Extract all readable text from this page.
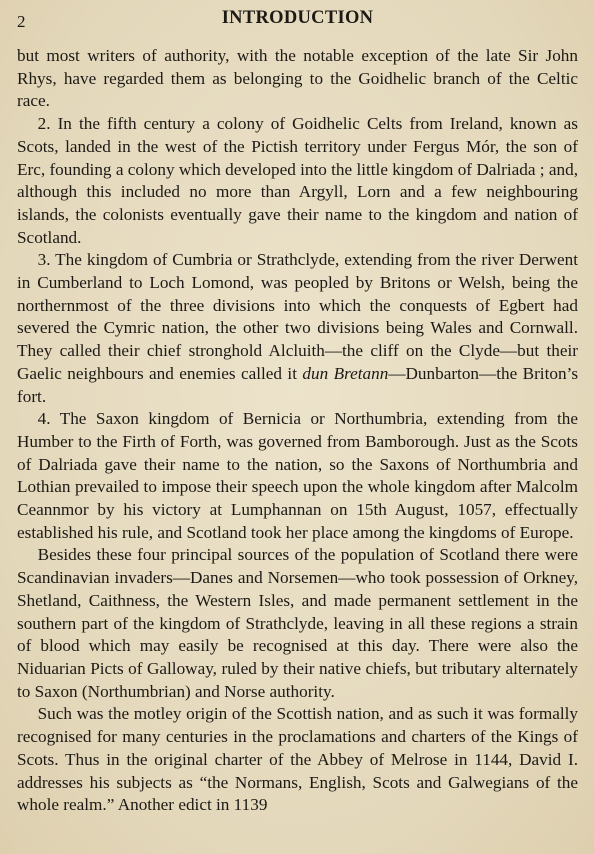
2	INTRODUCTION

but most writers of authority, with the notable exception of the late Sir John Rhys, have regarded them as belonging to the Goidhelic branch of the Celtic race.

2. In the fifth century a colony of Goidhelic Celts from Ireland, known as Scots, landed in the west of the Pictish territory under Fergus Mór, the son of Erc, founding a colony which developed into the little kingdom of Dalriada ; and, although this included no more than Argyll, Lorn and a few neighbouring islands, the colonists eventually gave their name to the kingdom and nation of Scotland.

3. The kingdom of Cumbria or Strathclyde, extending from the river Derwent in Cumberland to Loch Lomond, was peopled by Britons or Welsh, being the northernmost of the three divisions into which the conquests of Egbert had severed the Cymric nation, the other two divisions being Wales and Cornwall. They called their chief stronghold Alcluith—the cliff on the Clyde—but their Gaelic neighbours and enemies called it dun Bretann—Dunbarton—the Briton’s fort.

4. The Saxon kingdom of Bernicia or Northumbria, extending from the Humber to the Firth of Forth, was governed from Bamborough. Just as the Scots of Dalriada gave their name to the nation, so the Saxons of Northumbria and Lothian prevailed to impose their speech upon the whole kingdom after Malcolm Ceannmor by his victory at Lumphannan on 15th August, 1057, effectually established his rule, and Scotland took her place among the kingdoms of Europe.

Besides these four principal sources of the population of Scotland there were Scandinavian invaders—Danes and Norsemen—who took possession of Orkney, Shetland, Caithness, the Western Isles, and made permanent settlement in the southern part of the kingdom of Strathclyde, leaving in all these regions a strain of blood which may easily be recognised at this day. There were also the Niduarian Picts of Galloway, ruled by their native chiefs, but tributary alternately to Saxon (Northumbrian) and Norse authority.

Such was the motley origin of the Scottish nation, and as such it was formally recognised for many centuries in the proclamations and charters of the Kings of Scots. Thus in the original charter of the Abbey of Melrose in 1144, David I. addresses his subjects as “the Normans, English, Scots and Galwegians of the whole realm.” Another edict in 1139
